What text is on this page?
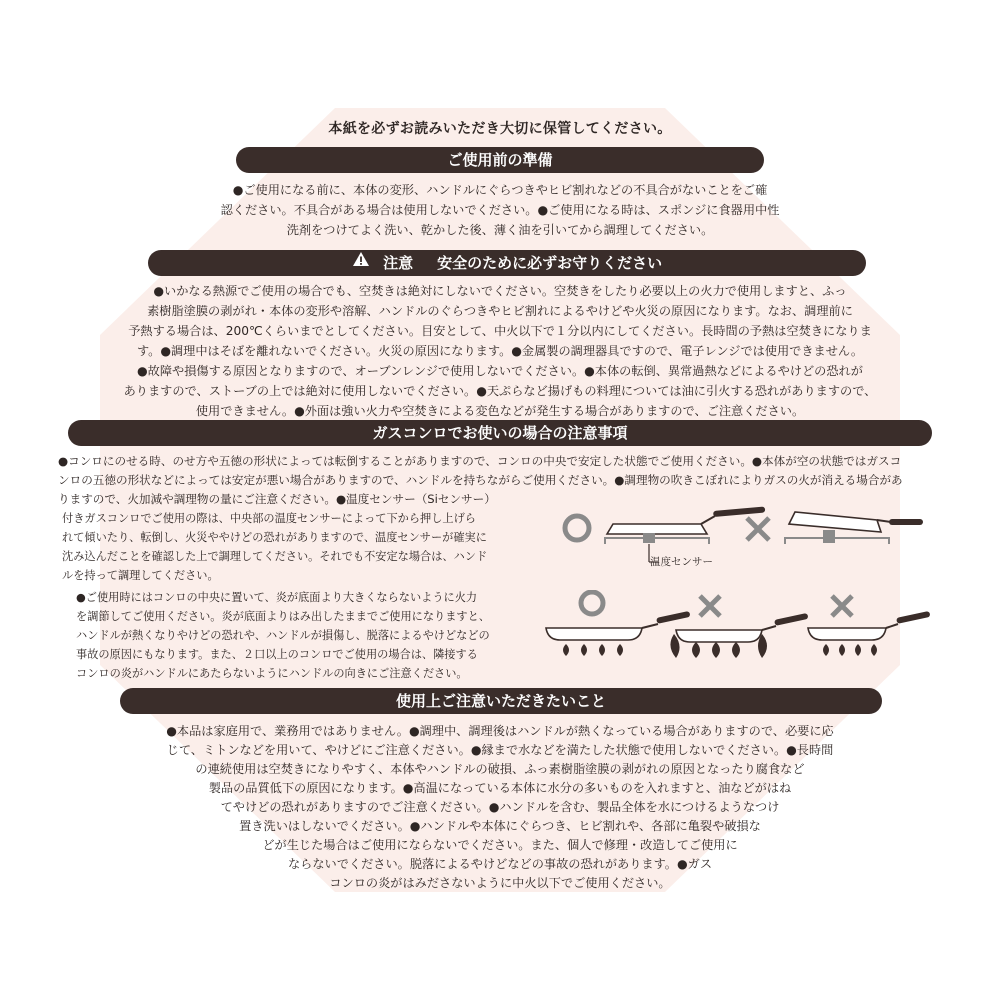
本紙を必ずお読みいただき大切に保管してください。
ご使用前の準備

●ご使用になる前に、本体の変形、ハンドルにぐらつきやヒビ割れなどの不具合がないことをご確

認ください。不具合がある場合は使用しないでください。●ご使用になる時は、スポンジに食器用中性

洗剤をつけてよく洗い、乾かした後、薄く油を引いてから調理してください。

注意 安全のために必ずお守りください

●いかなる熱源でご使用の場合でも、空焚きは絶対にしないでください。空焚きをしたり必要以上の火力で使用しますと、ふっ

素樹脂塗膜の剥がれ・本体の変形や溶解、ハンドルのぐらつきやヒビ割れによるやけどや火災の原因になります。なお、調理前に

予熱する場合は、200℃くらいまでとしてください。目安として、中火以下で１分以内にしてください。長時間の予熱は空焚きになりま

す。●調理中はそばを離れないでください。火災の原因になります。●金属製の調理器具ですので、電子レンジでは使用できません。

●故障や損傷する原因となりますので、オーブンレンジで使用しないでください。●本体の転倒、異常過熱などによるやけどの恐れが

ありますので、ストーブの上では絶対に使用しないでください。●天ぷらなど揚げもの料理については油に引火する恐れがありますので、

使用できません。●外面は強い火力や空焚きによる変色などが発生する場合がありますので、ご注意ください。

ガスコンロでお使いの場合の注意事項

●コンロにのせる時、のせ方や五徳の形状によっては転倒することがありますので、コンロの中央で安定した状態でご使用ください。●本体が空の状態ではガスコ

ンロの五徳の形状などによっては安定が悪い場合がありますので、ハンドルを持ちながらご使用ください。●調理物の吹きこぼれによりガスの火が消える場合があ

りますので、火加減や調理物の量にご注意ください。●温度センサー（Siセンサー）

付きガスコンロでご使用の際は、中央部の温度センサーによって下から押し上げら

れて傾いたり、転倒し、火災ややけどの恐れがありますので、温度センサーが確実に

沈み込んだことを確認した上で調理してください。それでも不安定な場合は、ハンド

ルを持って調理してください。

●ご使用時にはコンロの中央に置いて、炎が底面より大きくならないように火力

を調節してご使用ください。炎が底面よりはみ出したままでご使用になりますと、

ハンドルが熱くなりやけどの恐れや、ハンドルが損傷し、脱落によるやけどなどの

事故の原因にもなります。また、２口以上のコンロでご使用の場合は、隣接する

コンロの炎がハンドルにあたらないようにハンドルの向きにご注意ください。

温度センサー
使用上ご注意いただきたいこと

●本品は家庭用で、業務用ではありません。●調理中、調理後はハンドルが熱くなっている場合がありますので、必要に応

じて、ミトンなどを用いて、やけどにご注意ください。●縁まで水などを満たした状態で使用しないでください。●長時間

の連続使用は空焚きになりやすく、本体やハンドルの破損、ふっ素樹脂塗膜の剥がれの原因となったり腐食など

製品の品質低下の原因になります。●高温になっている本体に水分の多いものを入れますと、油などがはね

てやけどの恐れがありますのでご注意ください。●ハンドルを含む、製品全体を水につけるようなつけ

置き洗いはしないでください。●ハンドルや本体にぐらつき、ヒビ割れや、各部に亀裂や破損な

どが生じた場合はご使用にならないでください。また、個人で修理・改造してご使用に

ならないでください。脱落によるやけどなどの事故の恐れがあります。●ガス

コンロの炎がはみださないように中火以下でご使用ください。
